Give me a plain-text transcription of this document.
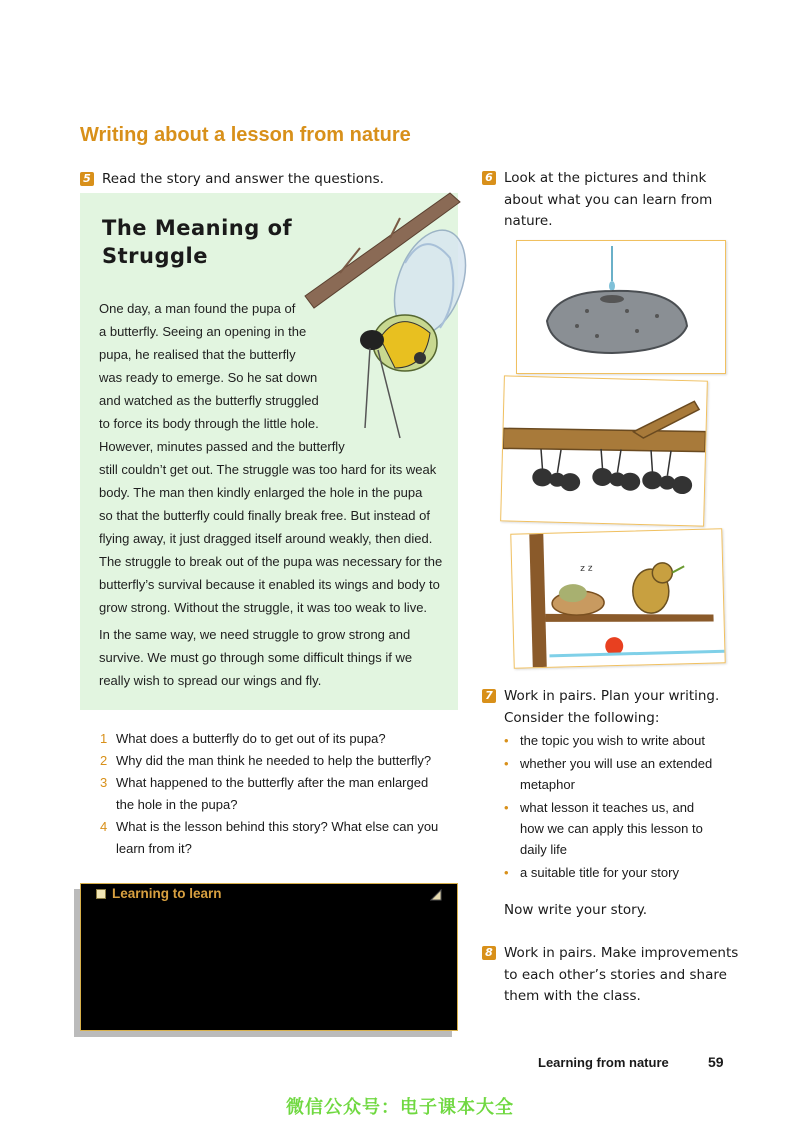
Writing about a lesson from nature
5 Read the story and answer the questions.
The Meaning of
Struggle
One day, a man found the pupa of
a butterfly. Seeing an opening in the
pupa, he realised that the butterfly
was ready to emerge. So he sat down
and watched as the butterfly struggled
to force its body through the little hole.
However, minutes passed and the butterfly
still couldn’t get out. The struggle was too hard for its weak
body. The man then kindly enlarged the hole in the pupa
so that the butterfly could finally break free. But instead of
flying away, it just dragged itself around weakly, then died.
The struggle to break out of the pupa was necessary for the
butterfly’s survival because it enabled its wings and body to
grow strong. Without the struggle, it was too weak to live.
In the same way, we need struggle to grow strong and
survive. We must go through some difficult things if we
really wish to spread our wings and fly.
1 What does a butterfly do to get out of its pupa?
2 Why did the man think he needed to help the butterfly?
3 What happened to the butterfly after the man enlarged
the hole in the pupa?
4 What is the lesson behind this story? What else can you
learn from it?
Learning to learn
6 Look at the pictures and think
about what you can learn from
nature.
z z
7 Work in pairs. Plan your writing.
Consider the following:
• the topic you wish to write about
• whether you will use an extended
metaphor
• what lesson it teaches us, and
how we can apply this lesson to
daily life
• a suitable title for your story
Now write your story.
8 Work in pairs. Make improvements
to each other’s stories and share
them with the class.
Learning from nature	59
微信公众号：电子课本大全
